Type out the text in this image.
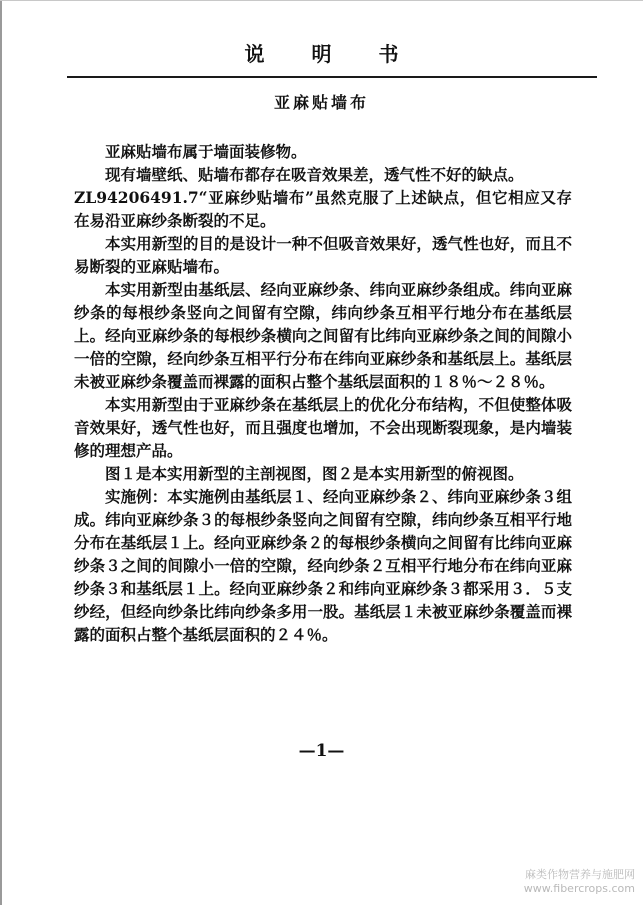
说 明 书
亚麻贴墙布

亚麻贴墙布属于墙面装修物。

现有墙壁纸、贴墙布都存在吸音效果差，透气性不好的缺点。

ZL94206491.7“亚麻纱贴墙布”虽然克服了上述缺点，但它相应又存在易沿亚麻纱条断裂的不足。

本实用新型的目的是设计一种不但吸音效果好，透气性也好，而且不易断裂的亚麻贴墙布。

本实用新型由基纸层、经向亚麻纱条、纬向亚麻纱条组成。纬向亚麻纱条的每根纱条竖向之间留有空隙，纬向纱条互相平行地分布在基纸层上。经向亚麻纱条的每根纱条横向之间留有比纬向亚麻纱条之间的间隙小一倍的空隙，经向纱条互相平行分布在纬向亚麻纱条和基纸层上。基纸层未被亚麻纱条覆盖而裸露的面积占整个基纸层面积的１８％～２８％。

本实用新型由于亚麻纱条在基纸层上的优化分布结构，不但使整体吸音效果好，透气性也好，而且强度也增加，不会出现断裂现象，是内墙装修的理想产品。

图１是本实用新型的主剖视图，图２是本实用新型的俯视图。

实施例：本实施例由基纸层１、经向亚麻纱条２、纬向亚麻纱条３组成。纬向亚麻纱条３的每根纱条竖向之间留有空隙，纬向纱条互相平行地分布在基纸层１上。经向亚麻纱条２的每根纱条横向之间留有比纬向亚麻纱条３之间的间隙小一倍的空隙，经向纱条２互相平行地分布在纬向亚麻纱条３和基纸层１上。经向亚麻纱条２和纬向亚麻纱条３都采用３．５支纱经，但经向纱条比纬向纱条多用一股。基纸层１未被亚麻纱条覆盖而裸露的面积占整个基纸层面积的２４％。

—1—
麻类作物营养与施肥网
www.fibercrops.com
